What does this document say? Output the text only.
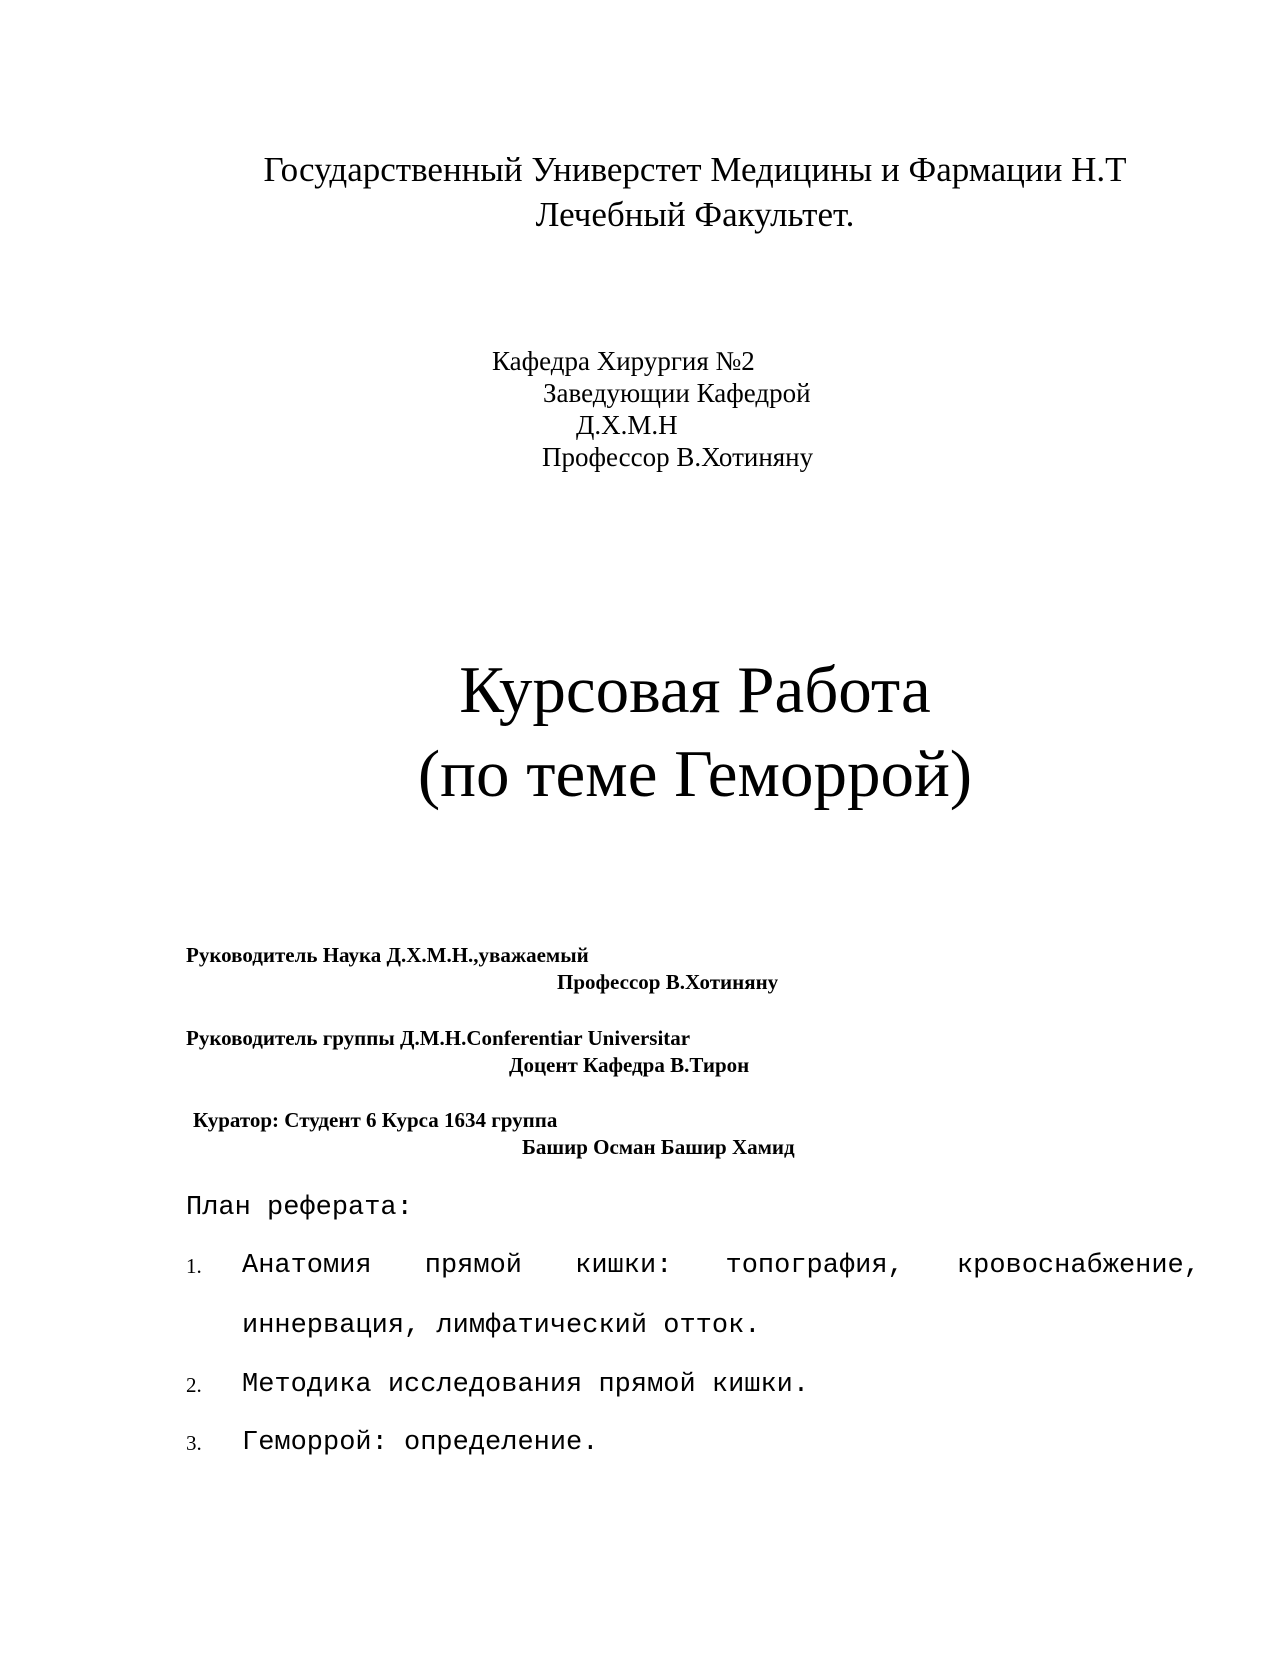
Государственный Универстет Медицины и Фармации Н.Т
Лечебный Факультет.
Кафедра Хирургия №2
Заведующии Кафедрой
Д.Х.М.Н
Профессор В.Хотиняну
Курсовая Работа
(по теме Геморрой)
Руководитель Наука Д.Х.М.Н.,уважаемый
Профессор В.Хотиняну
Руководитель группы Д.М.Н.Conferentiar Universitar
Доцент Кафедра В.Тирон
Куратор: Студент 6 Курса 1634 группа
Башир Осман Башир Хамид
План реферата:
1. Анатомия прямой кишки: топография, кровоснабжение,
иннервация, лимфатический отток.
2. Методика исследования прямой кишки.
3. Геморрой: определение.
